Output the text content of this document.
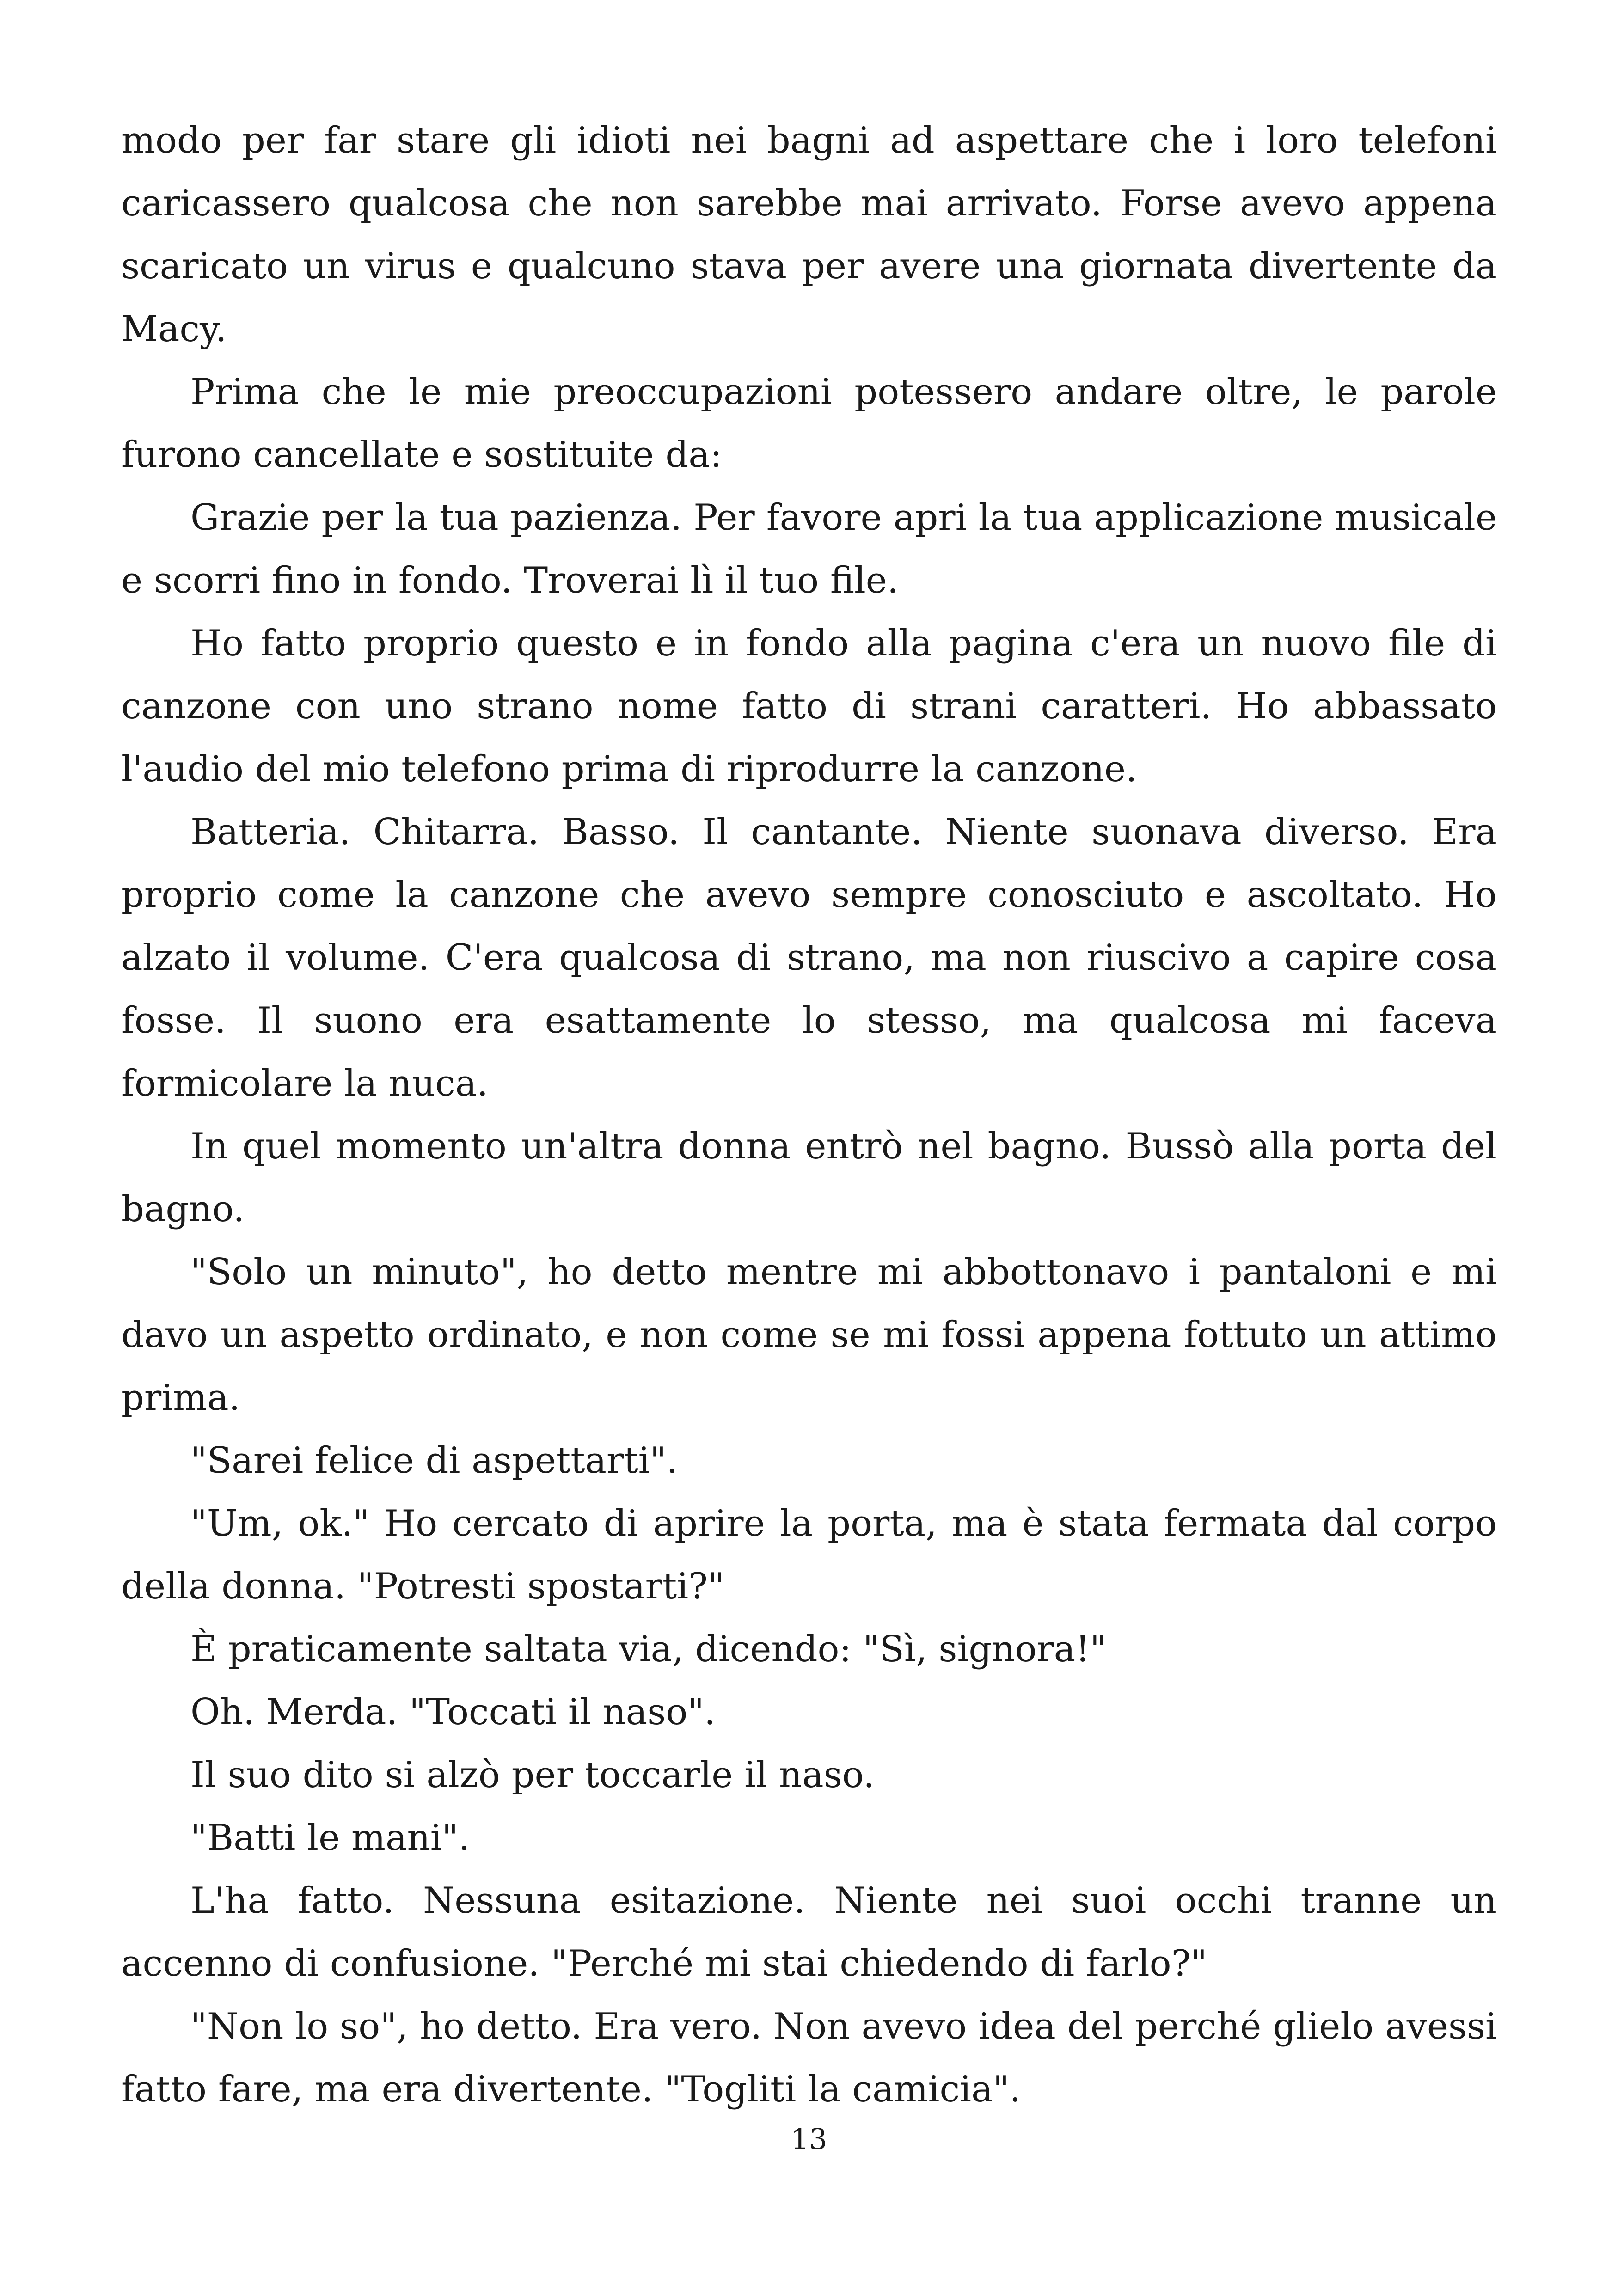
modo per far stare gli idioti nei bagni ad aspettare che i loro telefoni caricassero qualcosa che non sarebbe mai arrivato. Forse avevo appena scaricato un virus e qualcuno stava per avere una giornata divertente da Macy.

Prima che le mie preoccupazioni potessero andare oltre, le parole furono cancellate e sostituite da:

Grazie per la tua pazienza. Per favore apri la tua applicazione musicale e scorri fino in fondo. Troverai lì il tuo file.

Ho fatto proprio questo e in fondo alla pagina c'era un nuovo file di canzone con uno strano nome fatto di strani caratteri. Ho abbassato l'audio del mio telefono prima di riprodurre la canzone.

Batteria. Chitarra. Basso. Il cantante. Niente suonava diverso. Era proprio come la canzone che avevo sempre conosciuto e ascoltato. Ho alzato il volume. C'era qualcosa di strano, ma non riuscivo a capire cosa fosse. Il suono era esattamente lo stesso, ma qualcosa mi faceva formicolare la nuca.

In quel momento un'altra donna entrò nel bagno. Bussò alla porta del bagno.

"Solo un minuto", ho detto mentre mi abbottonavo i pantaloni e mi davo un aspetto ordinato, e non come se mi fossi appena fottuto un attimo prima.

"Sarei felice di aspettarti".

"Um, ok." Ho cercato di aprire la porta, ma è stata fermata dal corpo della donna. "Potresti spostarti?"

È praticamente saltata via, dicendo: "Sì, signora!"

Oh. Merda. "Toccati il naso".

Il suo dito si alzò per toccarle il naso.

"Batti le mani".

L'ha fatto. Nessuna esitazione. Niente nei suoi occhi tranne un accenno di confusione. "Perché mi stai chiedendo di farlo?"

"Non lo so", ho detto. Era vero. Non avevo idea del perché glielo avessi fatto fare, ma era divertente. "Togliti la camicia".

13
